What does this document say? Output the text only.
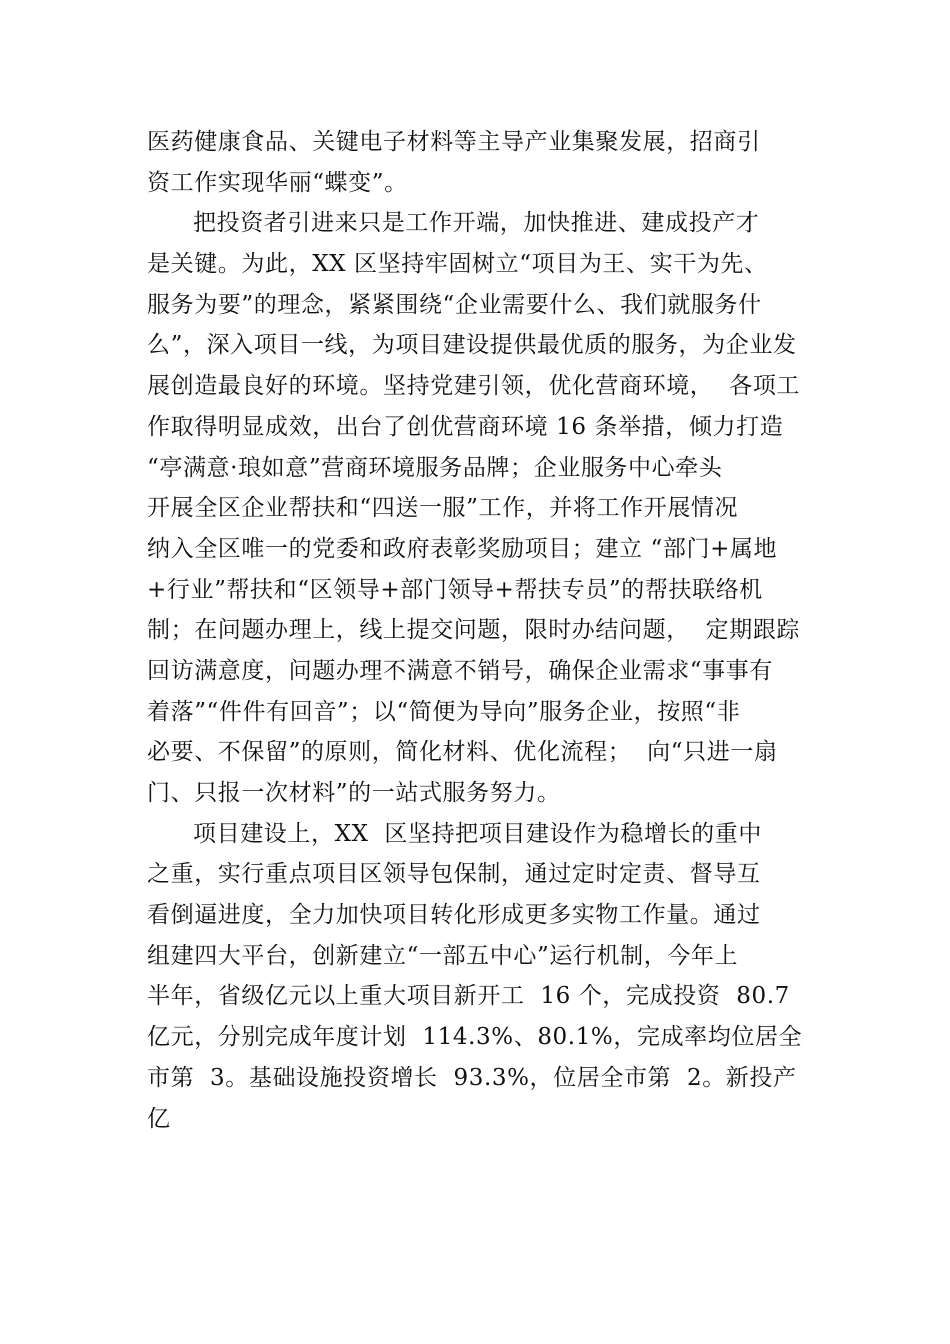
医药健康食品、关键电子材料等主导产业集聚发展，招商引
资工作实现华丽“蝶变”。
把投资者引进来只是工作开端，加快推进、建成投产才
是关键。为此，XX 区坚持牢固树立“项目为王、实干为先、
服务为要”的理念，紧紧围绕“企业需要什么、我们就服务什
么”，深入项目一线，为项目建设提供最优质的服务，为企业发
展创造最良好的环境。坚持党建引领，优化营商环境，  各项工
作取得明显成效，出台了创优营商环境 16 条举措，倾力打造
“亭满意·琅如意”营商环境服务品牌；企业服务中心牵头
开展全区企业帮扶和“四送一服”工作，并将工作开展情况
纳入全区唯一的党委和政府表彰奖励项目；建立 “部门+属地
+行业”帮扶和“区领导+部门领导+帮扶专员”的帮扶联络机
制；在问题办理上，线上提交问题，限时办结问题，  定期跟踪
回访满意度，问题办理不满意不销号，确保企业需求“事事有
着落”“件件有回音”；以“简便为导向”服务企业，按照“非
必要、不保留”的原则，简化材料、优化流程；  向“只进一扇
门、只报一次材料”的一站式服务努力。
项目建设上，XX  区坚持把项目建设作为稳增长的重中
之重，实行重点项目区领导包保制，通过定时定责、督导互
看倒逼进度，全力加快项目转化形成更多实物工作量。通过
组建四大平台，创新建立“一部五中心”运行机制，今年上
半年，省级亿元以上重大项目新开工  16 个，完成投资  80.7
亿元，分别完成年度计划  114.3%、80.1%，完成率均位居全
市第  3。基础设施投资增长  93.3%，位居全市第  2。新投产
亿
